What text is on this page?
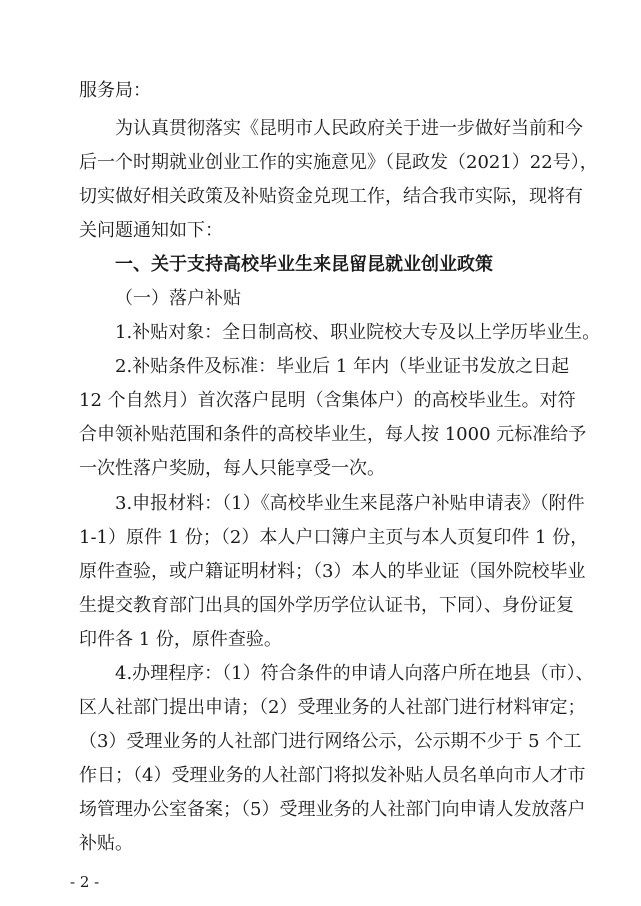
服务局：
为认真贯彻落实《昆明市人民政府关于进一步做好当前和今
后一个时期就业创业工作的实施意见》（昆政发（2021）22号），
切实做好相关政策及补贴资金兑现工作，结合我市实际，现将有
关问题通知如下：
一、关于支持高校毕业生来昆留昆就业创业政策
（一）落户补贴
1.补贴对象：全日制高校、职业院校大专及以上学历毕业生。
2.补贴条件及标准：毕业后 1 年内（毕业证书发放之日起
12 个自然月）首次落户昆明（含集体户）的高校毕业生。对符
合申领补贴范围和条件的高校毕业生，每人按 1000 元标准给予
一次性落户奖励，每人只能享受一次。
3.申报材料：（1）《高校毕业生来昆落户补贴申请表》（附件
1-1）原件 1 份；（2）本人户口簿户主页与本人页复印件 1 份，
原件查验，或户籍证明材料；（3）本人的毕业证（国外院校毕业
生提交教育部门出具的国外学历学位认证书，下同）、身份证复
印件各 1 份，原件查验。
区人社部门提出申请；（2）受理业务的人社部门进行材料审定；
（3）受理业务的人社部门进行网络公示，公示期不少于 5 个工
作日；（4）受理业务的人社部门将拟发补贴人员名单向市人才市
场管理办公室备案；（5）受理业务的人社部门向申请人发放落户
补贴。
4.办理程序：（1）符合条件的申请人向落户所在地县（市）、
- 2 -
